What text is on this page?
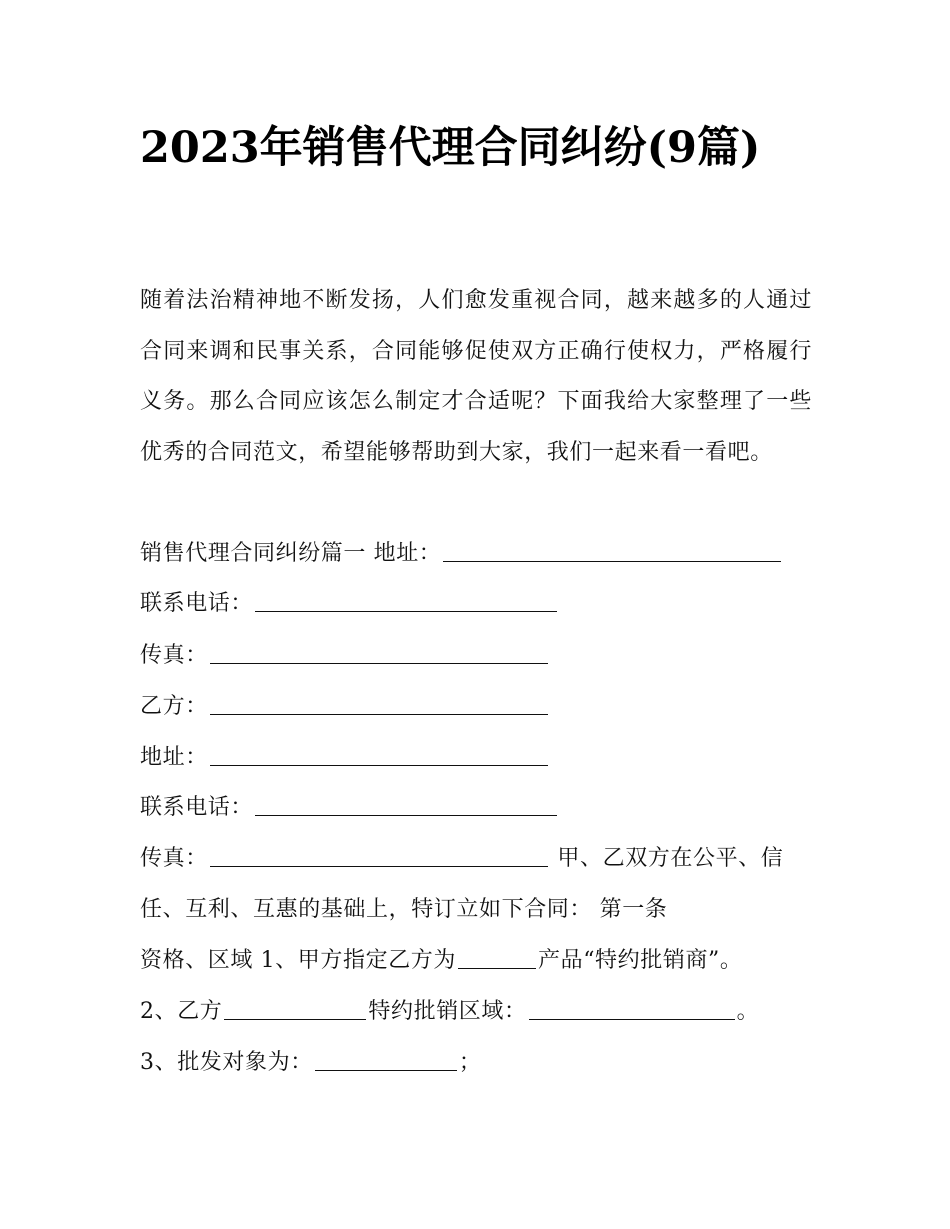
2023年销售代理合同纠纷(9篇)

随着法治精神地不断发扬，人们愈发重视合同，越来越多的人通过合同来调和民事关系，合同能够促使双方正确行使权力，严格履行义务。那么合同应该怎么制定才合适呢？下面我给大家整理了一些优秀的合同范文，希望能够帮助到大家，我们一起来看一看吧。

销售代理合同纠纷篇一 地址：
联系电话：
传真：
乙方：
地址：
联系电话：
传真：	甲、乙双方在公平、信
任、互利、互惠的基础上，特订立如下合同： 第一条
资格、区域 1、甲方指定乙方为	产品“特约批销商”。
2、乙方	特约批销区域：	。
3、批发对象为：	；
